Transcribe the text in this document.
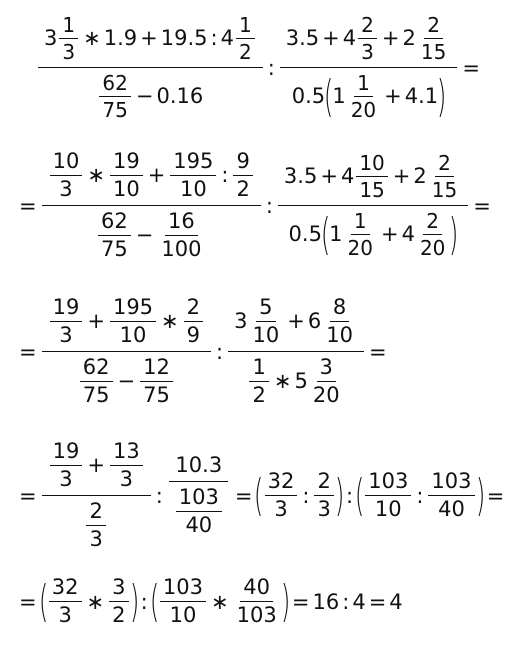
$\frac{3 \frac{1}{3} ∗ 1.9 + 19.5 : 4 \frac{1}{2}}{\frac{62}{75} - 0.16}$ : $3.5 + 4 \frac{2}{3} + 2 \frac{2}{15}$
0.5
(
$1 \frac{1}{20} + 4.1$
) =
= $\frac{\frac{10}{3} ∗ \frac{19}{10} + \frac{195}{10} : \frac{9}{2}}{\frac{62}{75} - \frac{16}{100}}$ : $3.5 + 4 \frac{10}{15} + 2 \frac{2}{15}$
0.5
(
$1 \frac{1}{20} + 4 \frac{2}{20}$ ) =
= $\frac{\frac{19}{3} + \frac{195}{10} ∗ \frac{2}{9}}{\frac{62}{75} - \frac{12}{75}}$ : $\frac{3 \frac{5}{10} + 6 \frac{8}{10}}{\frac{1}{2} ∗ 5 \frac{3}{20}}$ =
= $\frac{\frac{19}{3} + \frac{13}{3}}{\frac{2}{3}}$ : $\frac{10.3}{\frac{103}{40}}$ = ( $\frac{32}{3}$ : $\frac{2}{3}$ ) : ( $\frac{103}{10}$ : $\frac{103}{40}$ ) =
= ( $\frac{32}{3}$ ∗ $\frac{3}{2}$ ) : ( $\frac{103}{10}$ ∗ $\frac{40}{103}$ ) = 16 : 4 = 4
